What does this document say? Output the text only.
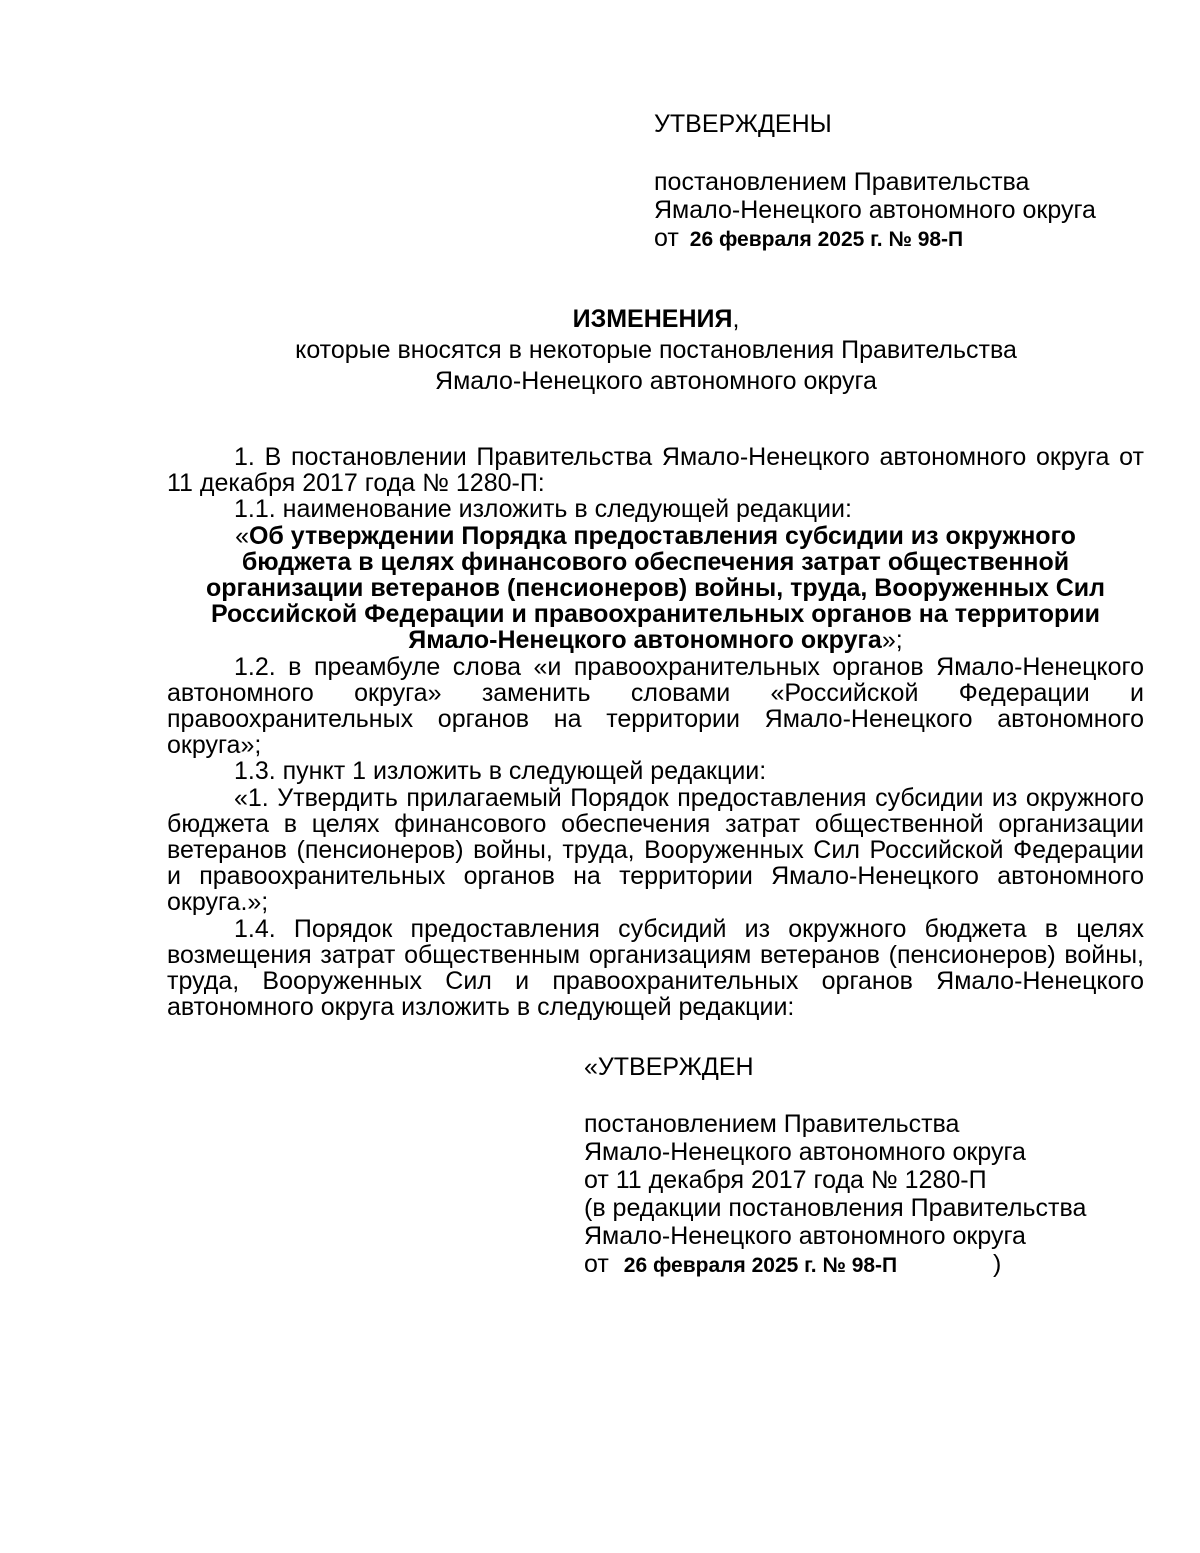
УТВЕРЖДЕНЫ
постановлением Правительства
Ямало-Ненецкого автономного округа
от 26 февраля 2025 г. № 98-П
ИЗМЕНЕНИЯ,
которые вносятся в некоторые постановления Правительства
Ямало-Ненецкого автономного округа

1. В постановлении Правительства Ямало-Ненецкого автономного округа от 11 декабря 2017 года № 1280-П:

1.1. наименование изложить в следующей редакции:

«Об утверждении Порядка предоставления субсидии из окружного бюджета в целях финансового обеспечения затрат общественной организации ветеранов (пенсионеров) войны, труда, Вооруженных Сил Российской Федерации и правоохранительных органов на территории Ямало-Ненецкого автономного округа»;

1.2. в преамбуле слова «и правоохранительных органов Ямало-Ненецкого автономного округа» заменить словами «Российской Федерации и правоохранительных органов на территории Ямало-Ненецкого автономного округа»;

1.3. пункт 1 изложить в следующей редакции:

«1. Утвердить прилагаемый Порядок предоставления субсидии из окружного бюджета в целях финансового обеспечения затрат общественной организации ветеранов (пенсионеров) войны, труда, Вооруженных Сил Российской Федерации и правоохранительных органов на территории Ямало-Ненецкого автономного округа.»;

1.4. Порядок предоставления субсидий из окружного бюджета в целях возмещения затрат общественным организациям ветеранов (пенсионеров) войны, труда, Вооруженных Сил и правоохранительных органов Ямало-Ненецкого автономного округа изложить в следующей редакции:

«УТВЕРЖДЕН
постановлением Правительства
Ямало-Ненецкого автономного округа
от 11 декабря 2017 года № 1280-П
(в редакции постановления Правительства
Ямало-Ненецкого автономного округа
от 26 февраля 2025 г. № 98-П	)
